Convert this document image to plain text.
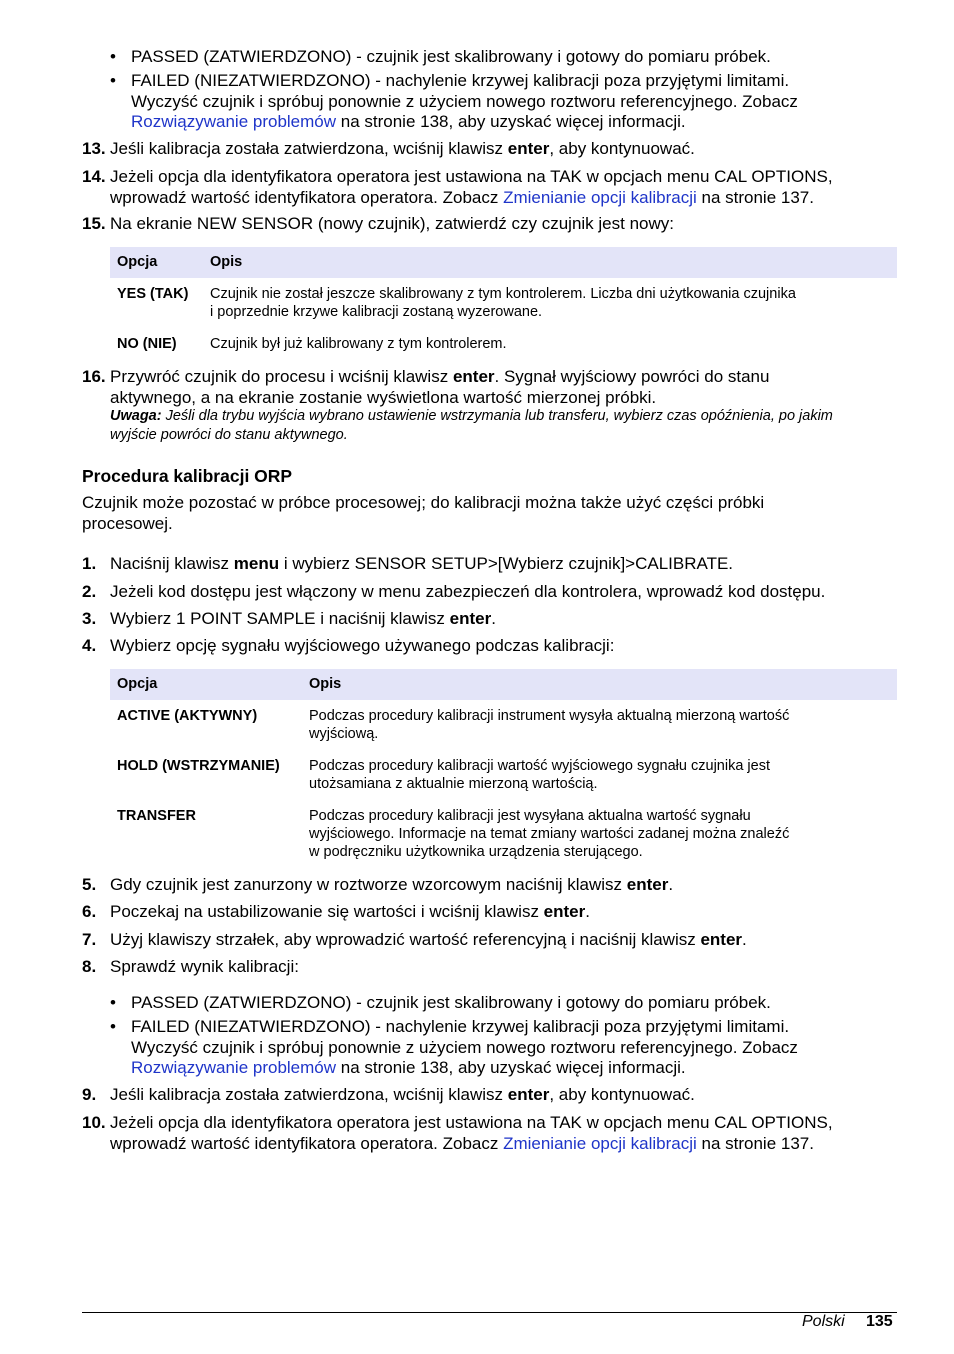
• PASSED (ZATWIERDZONO) - czujnik jest skalibrowany i gotowy do pomiaru próbek.
• FAILED (NIEZATWIERDZONO) - nachylenie krzywej kalibracji poza przyjętymi limitami.
Wyczyść czujnik i spróbuj ponownie z użyciem nowego roztworu referencyjnego. Zobacz
Rozwiązywanie problemów na stronie 138, aby uzyskać więcej informacji.
13. Jeśli kalibracja została zatwierdzona, wciśnij klawisz enter, aby kontynuować.
14. Jeżeli opcja dla identyfikatora operatora jest ustawiona na TAK w opcjach menu CAL OPTIONS, wprowadź wartość identyfikatora operatora. Zobacz Zmienianie opcji kalibracji na stronie 137.
15. Na ekranie NEW SENSOR (nowy czujnik), zatwierdź czy czujnik jest nowy:
Opcja	Opis
YES (TAK) Czujnik nie został jeszcze skalibrowany z tym kontrolerem. Liczba dni użytkowania czujnika
i poprzednie krzywe kalibracji zostaną wyzerowane.
NO (NIE) Czujnik był już kalibrowany z tym kontrolerem.
16. Przywróć czujnik do procesu i wciśnij klawisz enter. Sygnał wyjściowy powróci do stanu aktywnego, a na ekranie zostanie wyświetlona wartość mierzonej próbki.
Uwaga: Jeśli dla trybu wyjścia wybrano ustawienie wstrzymania lub transferu, wybierz czas opóźnienia, po jakim wyjście powróci do stanu aktywnego.
Procedura kalibracji ORP
Czujnik może pozostać w próbce procesowej; do kalibracji można także użyć części próbki procesowej.
1. Naciśnij klawisz menu i wybierz SENSOR SETUP>[Wybierz czujnik]>CALIBRATE.
2. Jeżeli kod dostępu jest włączony w menu zabezpieczeń dla kontrolera, wprowadź kod dostępu.
3. Wybierz 1 POINT SAMPLE i naciśnij klawisz enter.
4. Wybierz opcję sygnału wyjściowego używanego podczas kalibracji:
Opcja	Opis
ACTIVE (AKTYWNY)	Podczas procedury kalibracji instrument wysyła aktualną mierzoną wartość
wyjściową.
HOLD (WSTRZYMANIE) Podczas procedury kalibracji wartość wyjściowego sygnału czujnika jest
utożsamiana z aktualnie mierzoną wartością.
TRANSFER	Podczas procedury kalibracji jest wysyłana aktualna wartość sygnału
wyjściowego. Informacje na temat zmiany wartości zadanej można znaleźć
w podręczniku użytkownika urządzenia sterującego.
5. Gdy czujnik jest zanurzony w roztworze wzorcowym naciśnij klawisz enter.
6. Poczekaj na ustabilizowanie się wartości i wciśnij klawisz enter.
7. Użyj klawiszy strzałek, aby wprowadzić wartość referencyjną i naciśnij klawisz enter.
8. Sprawdź wynik kalibracji:
• PASSED (ZATWIERDZONO) - czujnik jest skalibrowany i gotowy do pomiaru próbek.
• FAILED (NIEZATWIERDZONO) - nachylenie krzywej kalibracji poza przyjętymi limitami.
Wyczyść czujnik i spróbuj ponownie z użyciem nowego roztworu referencyjnego. Zobacz
Rozwiązywanie problemów na stronie 138, aby uzyskać więcej informacji.
9. Jeśli kalibracja została zatwierdzona, wciśnij klawisz enter, aby kontynuować.
10. Jeżeli opcja dla identyfikatora operatora jest ustawiona na TAK w opcjach menu CAL OPTIONS, wprowadź wartość identyfikatora operatora. Zobacz Zmienianie opcji kalibracji na stronie 137.
Polski 135
